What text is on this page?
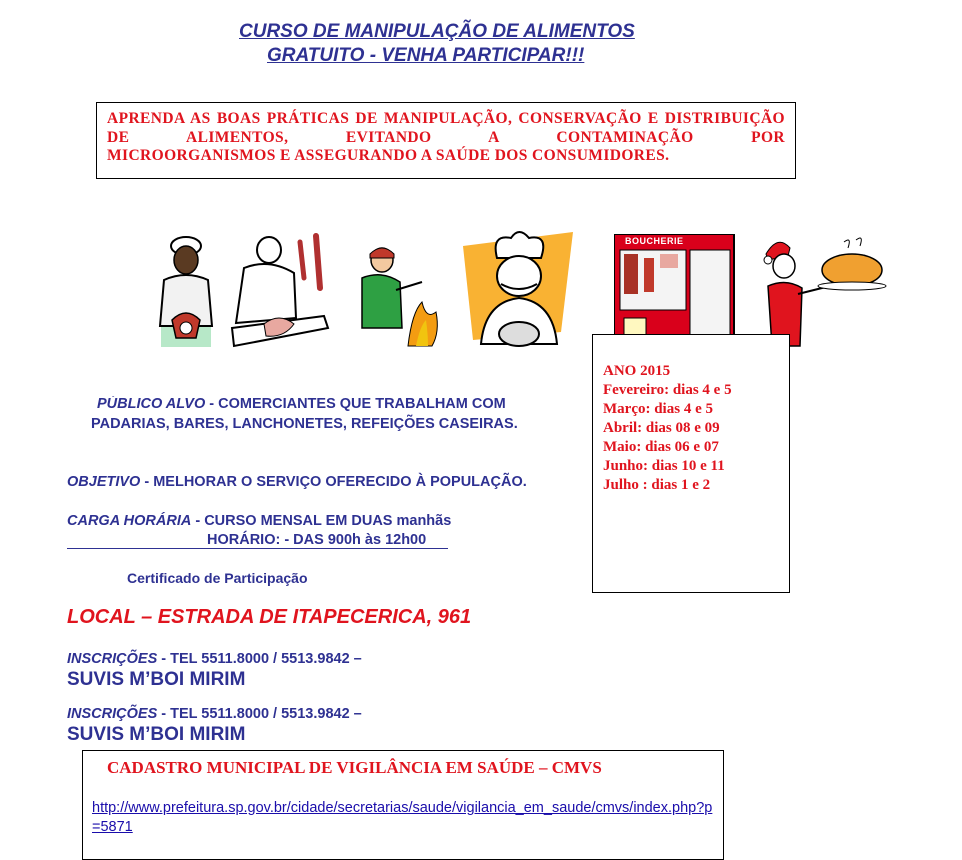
CURSO DE MANIPULAÇÃO DE ALIMENTOS
GRATUITO - VENHA PARTICIPAR!!!

APRENDA AS BOAS PRÁTICAS DE MANIPULAÇÃO, CONSERVAÇÃO E DISTRIBUIÇÃO DE ALIMENTOS, EVITANDO A CONTAMINAÇÃO POR
MICROORGANISMOS E ASSEGURANDO A SAÚDE DOS CONSUMIDORES.

BOUCHERIE
ANO 2015
Fevereiro: dias 4 e 5
Março: dias 4 e 5
Abril: dias 08 e 09
Maio: dias 06 e 07
Junho: dias 10 e 11
Julho : dias 1 e 2
PÚBLICO ALVO - COMERCIANTES QUE TRABALHAM COM
PADARIAS, BARES, LANCHONETES, REFEIÇÕES CASEIRAS.
OBJETIVO - MELHORAR O SERVIÇO OFERECIDO À POPULAÇÃO.
CARGA HORÁRIA - CURSO MENSAL EM DUAS manhãs
HORÁRIO: - DAS 900h às 12h00
Certificado de Participação
LOCAL – ESTRADA DE ITAPECERICA, 961
INSCRIÇÕES - TEL 5511.8000 / 5513.9842 –
SUVIS M’BOI MIRIM
INSCRIÇÕES - TEL 5511.8000 / 5513.9842 –
SUVIS M’BOI MIRIM
CADASTRO MUNICIPAL DE VIGILÂNCIA EM SAÚDE – CMVS
http://www.prefeitura.sp.gov.br/cidade/secretarias/saude/vigilancia_em_saude/cmvs/index.php?p=5871
